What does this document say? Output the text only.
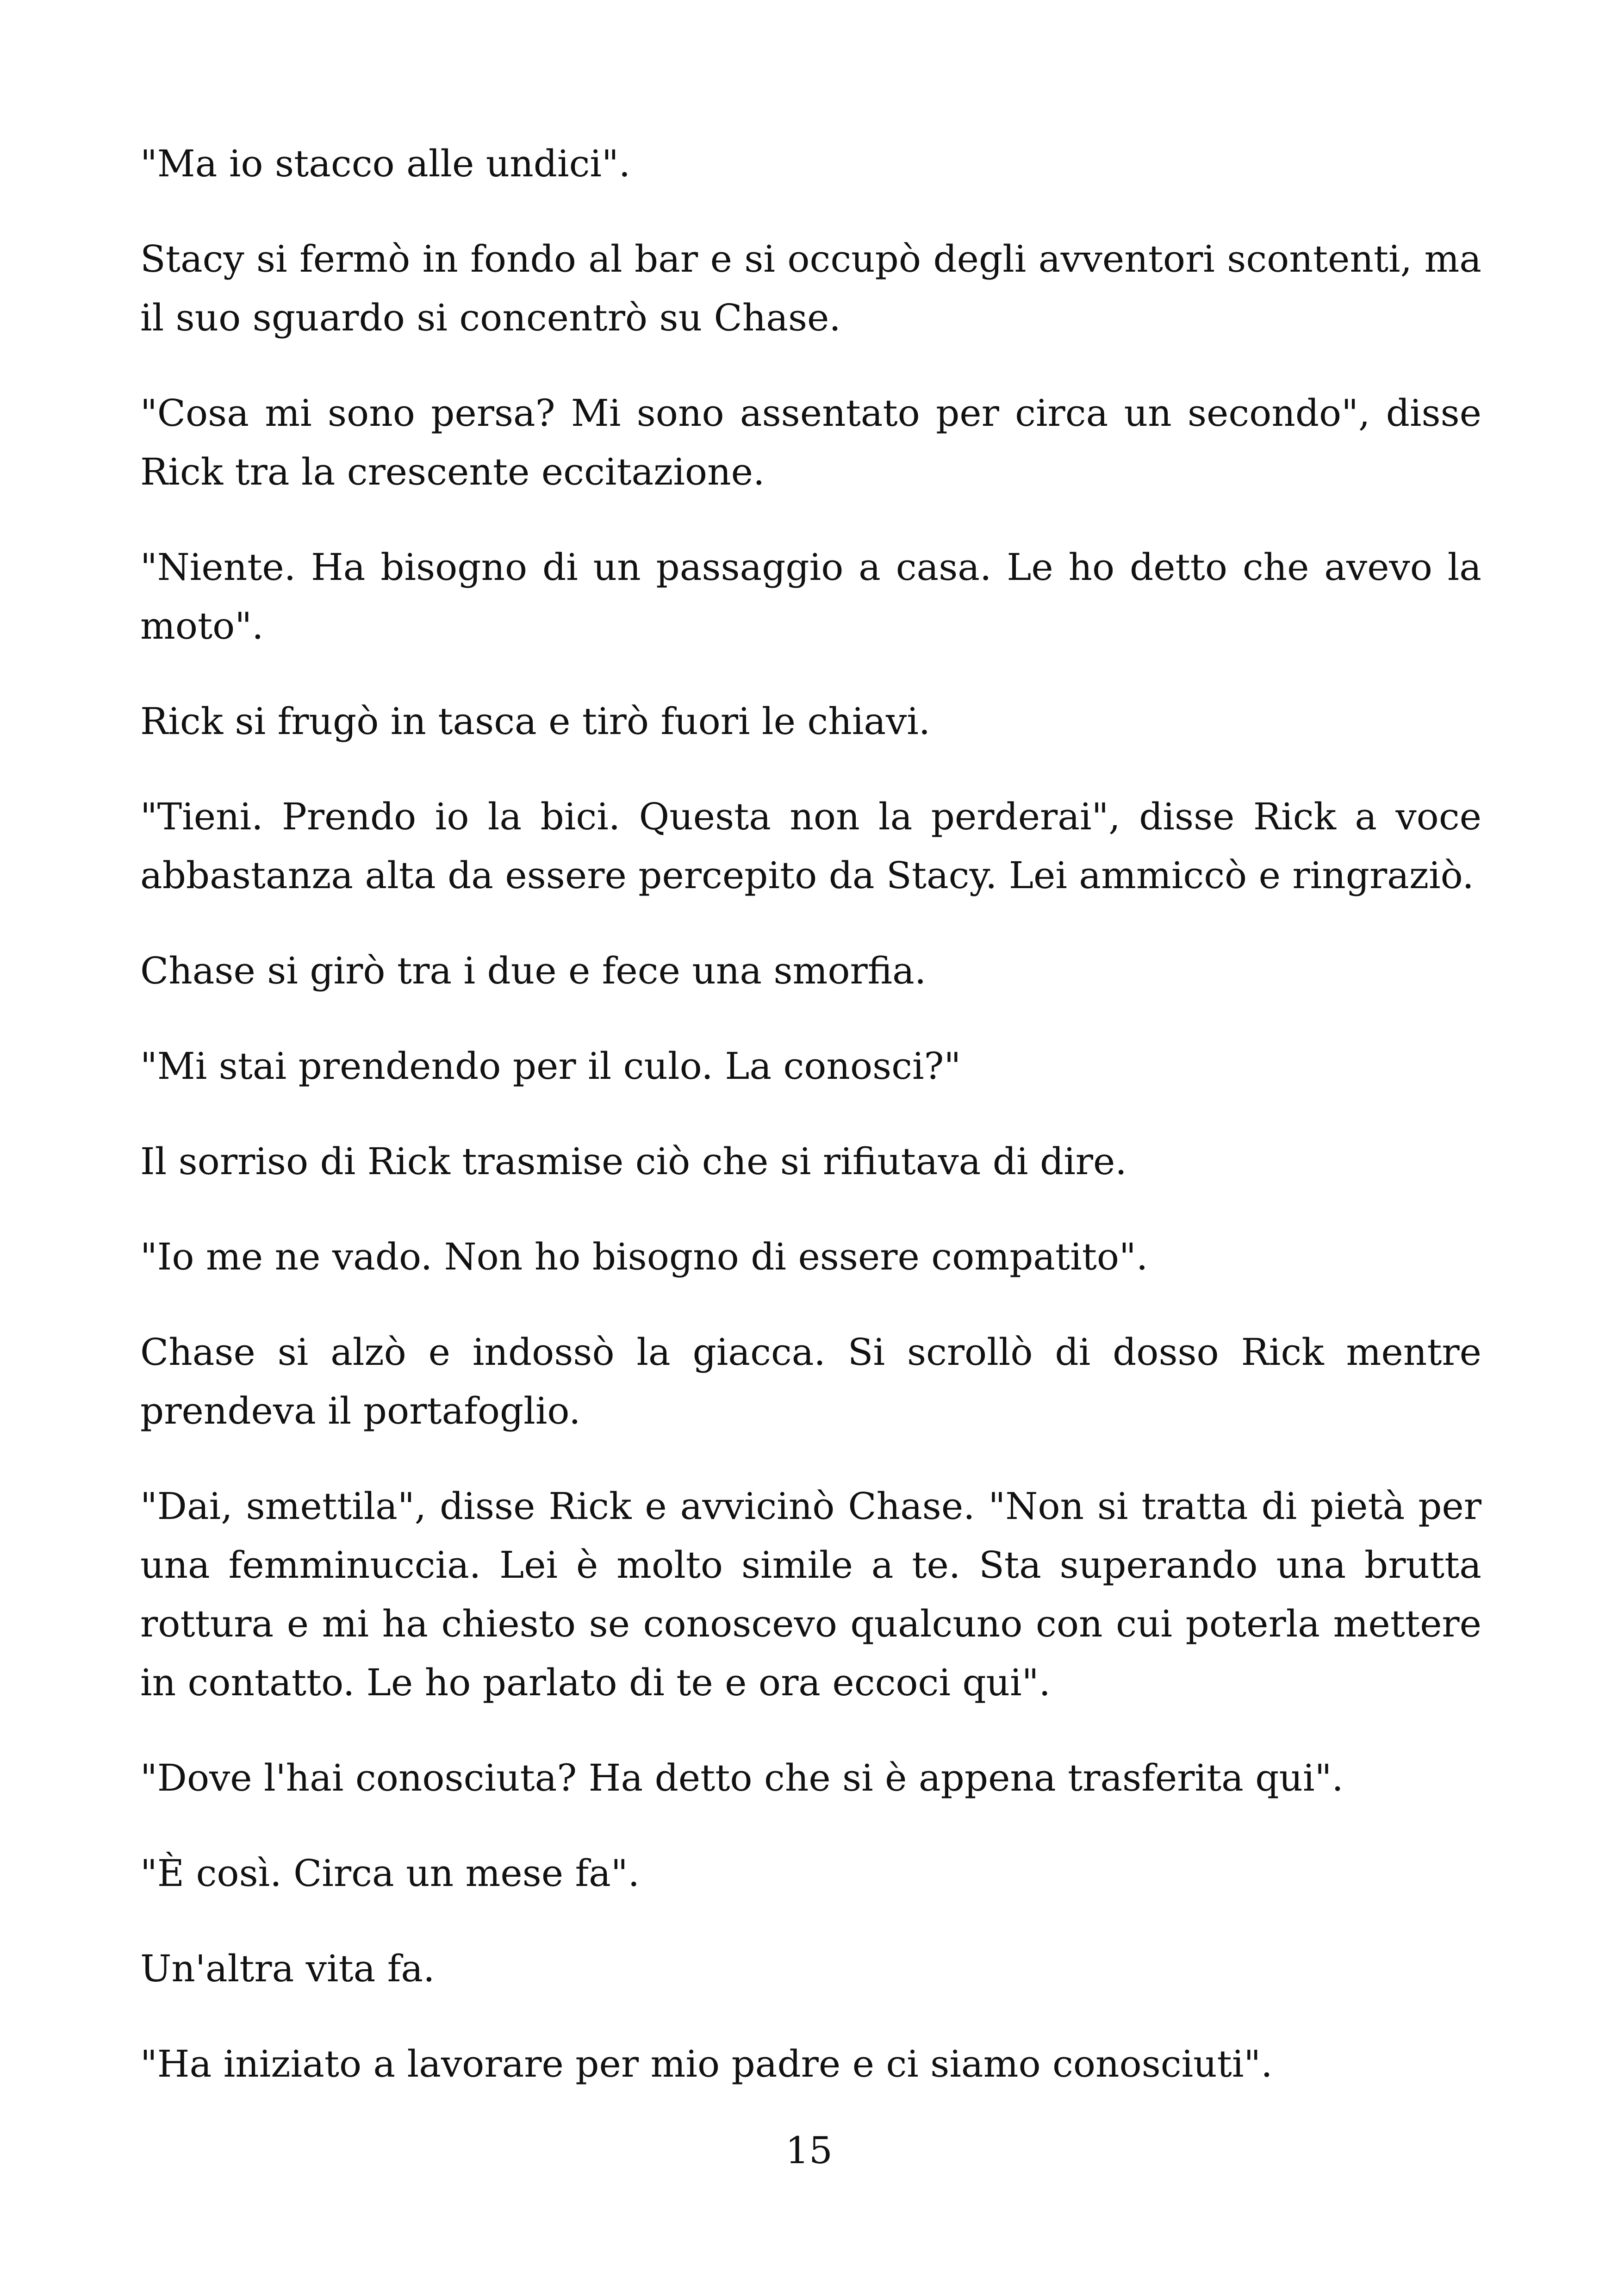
"Ma io stacco alle undici".

Stacy si fermò in fondo al bar e si occupò degli avventori scontenti, ma il suo sguardo si concentrò su Chase.

"Cosa mi sono persa? Mi sono assentato per circa un secondo", disse Rick tra la crescente eccitazione.

"Niente. Ha bisogno di un passaggio a casa. Le ho detto che avevo la moto".

Rick si frugò in tasca e tirò fuori le chiavi.

"Tieni. Prendo io la bici. Questa non la perderai", disse Rick a voce abbastanza alta da essere percepito da Stacy. Lei ammiccò e ringraziò.

Chase si girò tra i due e fece una smorfia.

"Mi stai prendendo per il culo. La conosci?"

Il sorriso di Rick trasmise ciò che si rifiutava di dire.

"Io me ne vado. Non ho bisogno di essere compatito".

Chase si alzò e indossò la giacca. Si scrollò di dosso Rick mentre prendeva il portafoglio.

"Dai, smettila", disse Rick e avvicinò Chase. "Non si tratta di pietà per una femminuccia. Lei è molto simile a te. Sta superando una brutta rottura e mi ha chiesto se conoscevo qualcuno con cui poterla mettere in contatto. Le ho parlato di te e ora eccoci qui".

"Dove l'hai conosciuta? Ha detto che si è appena trasferita qui".

"È così. Circa un mese fa".

Un'altra vita fa.

"Ha iniziato a lavorare per mio padre e ci siamo conosciuti".

15
